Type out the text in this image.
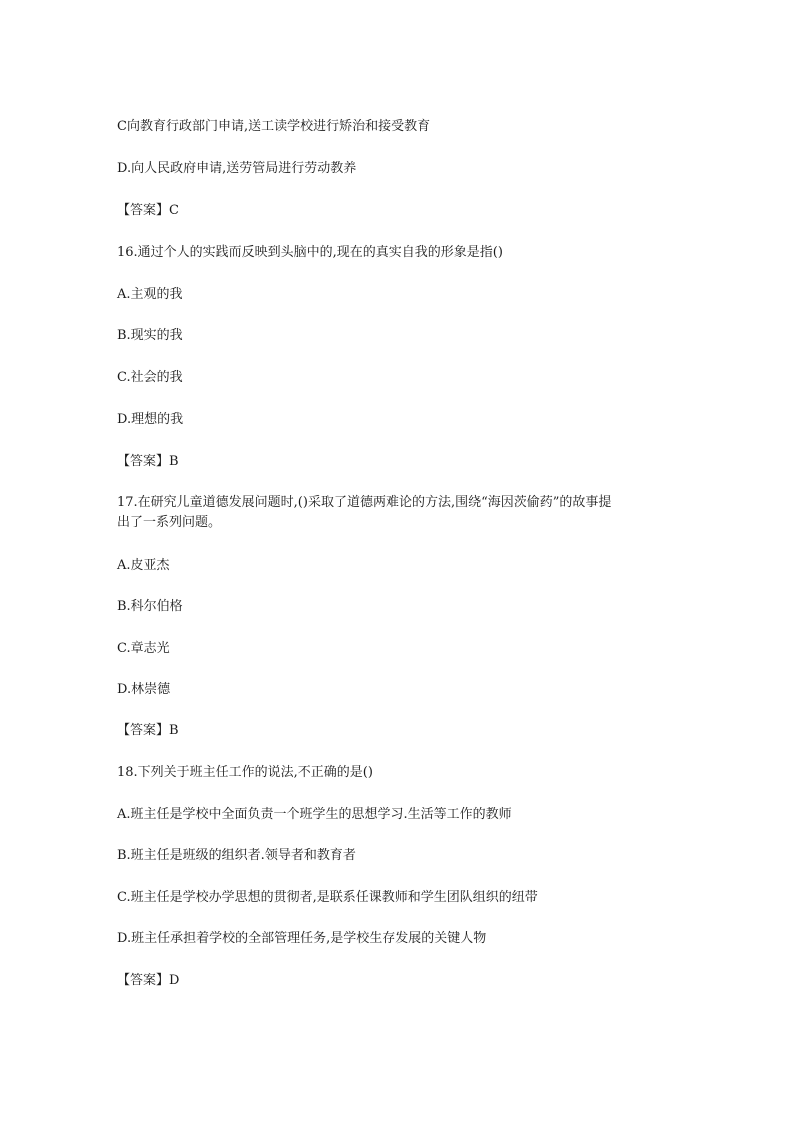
C向教育行政部门申请,送工读学校进行矫治和接受教育
D.向人民政府申请,送劳管局进行劳动教养
【答案】C
16.通过个人的实践而反映到头脑中的,现在的真实自我的形象是指()
A.主观的我
B.现实的我
C.社会的我
D.理想的我
【答案】B
17.在研究儿童道德发展问题时,()采取了道德两难论的方法,围绕“海因茨偷药”的故事提
出了一系列问题。
A.皮亚杰
B.科尔伯格
C.章志光
D.林崇德
【答案】B
18.下列关于班主任工作的说法,不正确的是()
A.班主任是学校中全面负责一个班学生的思想学习.生活等工作的教师
B.班主任是班级的组织者.领导者和教育者
C.班主任是学校办学思想的贯彻者,是联系任课教师和学生团队组织的纽带
D.班主任承担着学校的全部管理任务,是学校生存发展的关键人物
【答案】D
